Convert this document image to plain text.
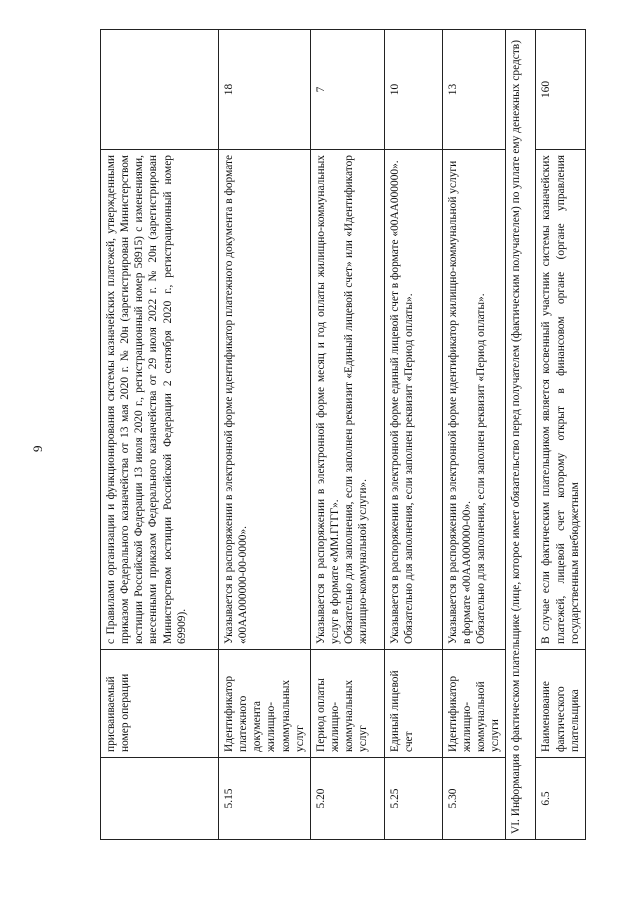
9
	присваиваемый номер операции	с Правилами организации и функционирования системы казначейских платежей, утвержденными приказом Федерального казначейства от 13 мая 2020 г. № 20н (зарегистрирован Министерством юстиции Российской Федерации 13 июля 2020 г., регистрационный номер 58915) с изменениями, внесенными приказом Федерального казначейства от 29 июля 2022 г. № 20н (зарегистрирован Министерством юстиции Российской Федерации 2 сентября 2020 г., регистрационный номер 69909).	

5.15	Идентификатор платежного документа жилищно-коммунальных услуг	Указывается в распоряжении в электронной форме идентификатор платежного документа в формате «00АА000000-00-0000».	18
5.20	Период оплаты жилищно-коммунальных услуг	Указывается в распоряжении в электронной форме месяц и год оплаты жилищно-коммунальных услуг в формате «ММ.ГГГГ». Обязательно для заполнения, если заполнен реквизит «Единый лицевой счет» или «Идентификатор жилищно-коммунальной услуги».	7
5.25	Единый лицевой счет	Указывается в распоряжении в электронной форме единый лицевой счет в формате «00АА000000». Обязательно для заполнения, если заполнен реквизит «Период оплаты».	10
5.30	Идентификатор жилищно-коммунальной услуги	Указывается в распоряжении в электронной форме идентификатор жилищно-коммунальной услуги в формате «00АА000000-00». Обязательно для заполнения, если заполнен реквизит «Период оплаты».	13
VI. Информация о фактическом плательщике (лице, которое имеет обязательство перед получателем (фактическим получателем) по уплате ему денежных средств)			
6.5	Наименование фактического плательщика	В случае если фактическим плательщиком является косвенный участник системы казначейских платежей, лицевой счет которому открыт в финансовом органе (органе управления государственным внебюджетным	160
